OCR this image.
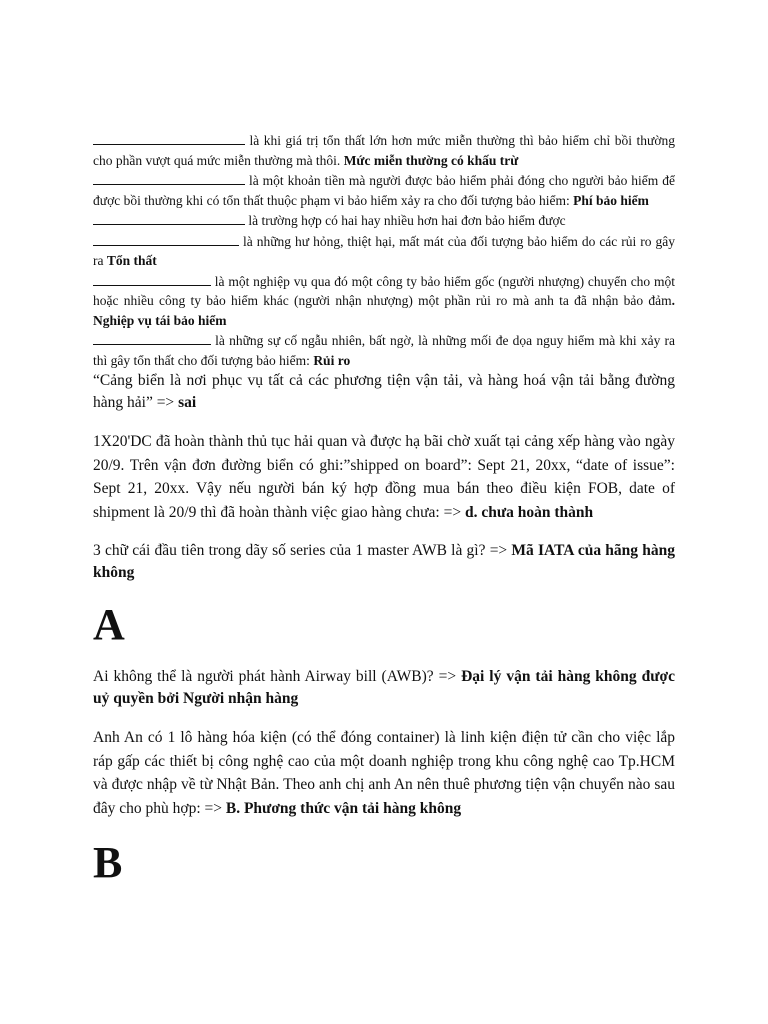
là khi giá trị tổn thất lớn hơn mức miễn thường thì bảo hiểm chỉ bồi thường cho phần vượt quá mức miễn thường mà thôi. Mức miễn thường có khấu trừ

là một khoản tiền mà người được bảo hiểm phải đóng cho người bảo hiểm để được bồi thường khi có tổn thất thuộc phạm vi bảo hiểm xảy ra cho đối tượng bảo hiểm: Phí bảo hiểm

là trường hợp có hai hay nhiều hơn hai đơn bảo hiểm được

là những hư hỏng, thiệt hại, mất mát của đối tượng bảo hiểm do các rủi ro gây ra Tổn thất

là một nghiệp vụ qua đó một công ty bảo hiểm gốc (người nhượng) chuyển cho một hoặc nhiều công ty bảo hiểm khác (người nhận nhượng) một phần rủi ro mà anh ta đã nhận bảo đảm. Nghiệp vụ tái bảo hiểm

là những sự cố ngẫu nhiên, bất ngờ, là những mối đe dọa nguy hiểm mà khi xảy ra thì gây tổn thất cho đối tượng bảo hiểm: Rủi ro

“Cảng biển là nơi phục vụ tất cả các phương tiện vận tải, và hàng hoá vận tải bằng đường hàng hải” => sai

1X20'DC đã hoàn thành thủ tục hải quan và được hạ bãi chờ xuất tại cảng xếp hàng vào ngày 20/9. Trên vận đơn đường biển có ghi:”shipped on board”: Sept 21, 20xx, “date of issue”: Sept 21, 20xx. Vậy nếu người bán ký hợp đồng mua bán theo điều kiện FOB, date of shipment là 20/9 thì đã hoàn thành việc giao hàng chưa: => d. chưa hoàn thành

3 chữ cái đầu tiên trong dãy số series của 1 master AWB là gì? => Mã IATA của hãng hàng không

A

Ai không thể là người phát hành Airway bill (AWB)? => Đại lý vận tải hàng không được uỷ quyền bởi Người nhận hàng

Anh An có 1 lô hàng hóa kiện (có thể đóng container) là linh kiện điện tử cần cho việc lắp ráp gấp các thiết bị công nghệ cao của một doanh nghiệp trong khu công nghệ cao Tp.HCM và được nhập về từ Nhật Bản. Theo anh chị anh An nên thuê phương tiện vận chuyển nào sau đây cho phù hợp: => B. Phương thức vận tải hàng không

B
